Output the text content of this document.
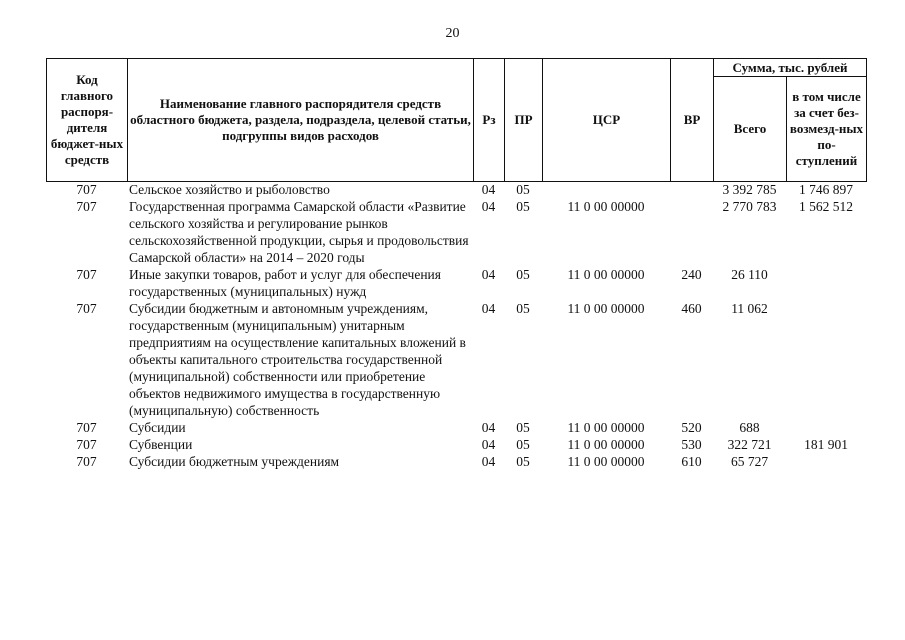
20
Код главного распоря-дителя бюджет-ных средств	Наименование главного распорядителя средств областного бюджета, раздела, подраздела, целевой статьи, подгруппы видов расходов	Рз	ПР	ЦСР	ВР	Сумма, тыс. рублей	
						Всего	в том числе за счет без-возмезд-ных по-ступлений
707	Сельское хозяйство и рыболовство	04	05			3 392 785	1 746 897
707	Государственная программа Самарской области «Развитие сельского хозяйства и регулирование рынков сельскохозяйственной продукции, сырья и продовольствия Самарской области» на 2014 – 2020 годы	04	05	11 0 00 00000		2 770 783	1 562 512
707	Иные закупки товаров, работ и услуг для обеспечения государственных (муниципальных) нужд	04	05	11 0 00 00000	240	26 110	
707	Субсидии бюджетным и автономным учреждениям, государственным (муниципальным) унитарным предприятиям на осуществление капитальных вложений в объекты капитального строительства государственной (муниципальной) собственности или приобретение объектов недвижимого имущества в государственную (муниципальную) собственность	04	05	11 0 00 00000	460	11 062	
707	Субсидии	04	05	11 0 00 00000	520	688	
707	Субвенции	04	05	11 0 00 00000	530	322 721	181 901
707	Субсидии бюджетным учреждениям	04	05	11 0 00 00000	610	65 727	
